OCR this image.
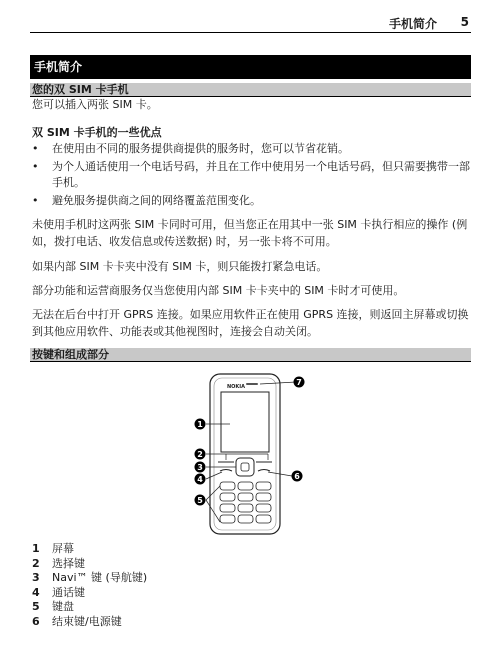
手机简介 5
手机简介
您的双 SIM 卡手机

您可以插入两张 SIM 卡。

双 SIM 卡手机的一些优点
• 在使用由不同的服务提供商提供的服务时，您可以节省花销。
• 为个人通话使用一个电话号码，并且在工作中使用另一个电话号码，但只需要携带一部手机。
• 避免服务提供商之间的网络覆盖范围变化。

未使用手机时这两张 SIM 卡同时可用，但当您正在用其中一张 SIM 卡执行相应的操作 (例如，拨打电话、收发信息或传送数据) 时，另一张卡将不可用。

如果内部 SIM 卡卡夹中没有 SIM 卡，则只能拨打紧急电话。

部分功能和运营商服务仅当您使用内部 SIM 卡卡夹中的 SIM 卡时才可使用。

无法在后台中打开 GPRS 连接。如果应用软件正在使用 GPRS 连接，则返回主屏幕或切换到其他应用软件、功能表或其他视图时，连接会自动关闭。

按键和组成部分
NOKIA
1
2
3
4
5
6
7
1 屏幕
2 选择键
3 Navi™ 键 (导航键)
4 通话键
5 键盘
6 结束键/电源键
